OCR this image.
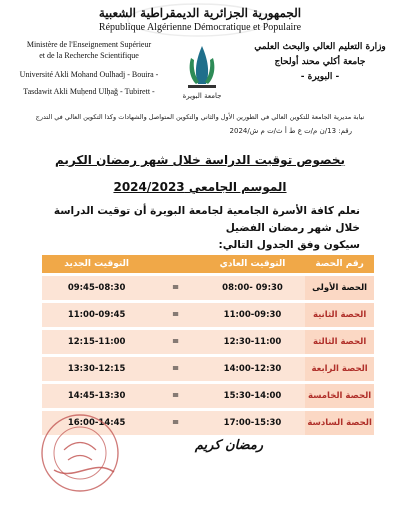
الجمهورية الجزائرية الديمقراطية الشعبية
République Algérienne Démocratique et Populaire
Ministère de l'Enseignement Supérieur
et de la Recherche Scientifique
Université Akli Mohand Oulhadj - Bouira -
Tasdawit Akli Muḥend Ulḥağ - Tubirett -
جامعة البويرة
وزارة التعليم العالي والبحث العلمي
جامعة أكلي محند أولحاج
- البويرة -
نيابة مديرية الجامعة للتكوين العالي في الطورين الأول والثاني والتكوين المتواصل والشهادات وكذا التكوين العالي في التدرج
رقم: 13/ن م/ت ع ط أ ث/ت م ش/2024
بخصوص توقيت الدراسة خلال شهر رمضان الكريم
الموسم الجامعي 2024/2023
نعلم كافة الأسرة الجامعية لجامعة البويرة أن توقيت الدراسة خلال شهر رمضان الفضيل
سيكون وفق الجدول التالي:
رقم الحصة	التوقيت العادي		التوقيت الجديد
الحصة الأولى	09:30 -08:00	=	09:45-08:30
الحصة الثانية	11:00-09:30	=	11:00-09:45
الحصة الثالثة	12:30-11:00	=	12:15-11:00
الحصة الرابعة	14:00-12:30	=	13:30-12:15
الحصة الخامسة	15:30-14:00	=	14:45-13:30
الحصة السادسة	17:00-15:30	=	16:00-14:45
رمضان كريم
